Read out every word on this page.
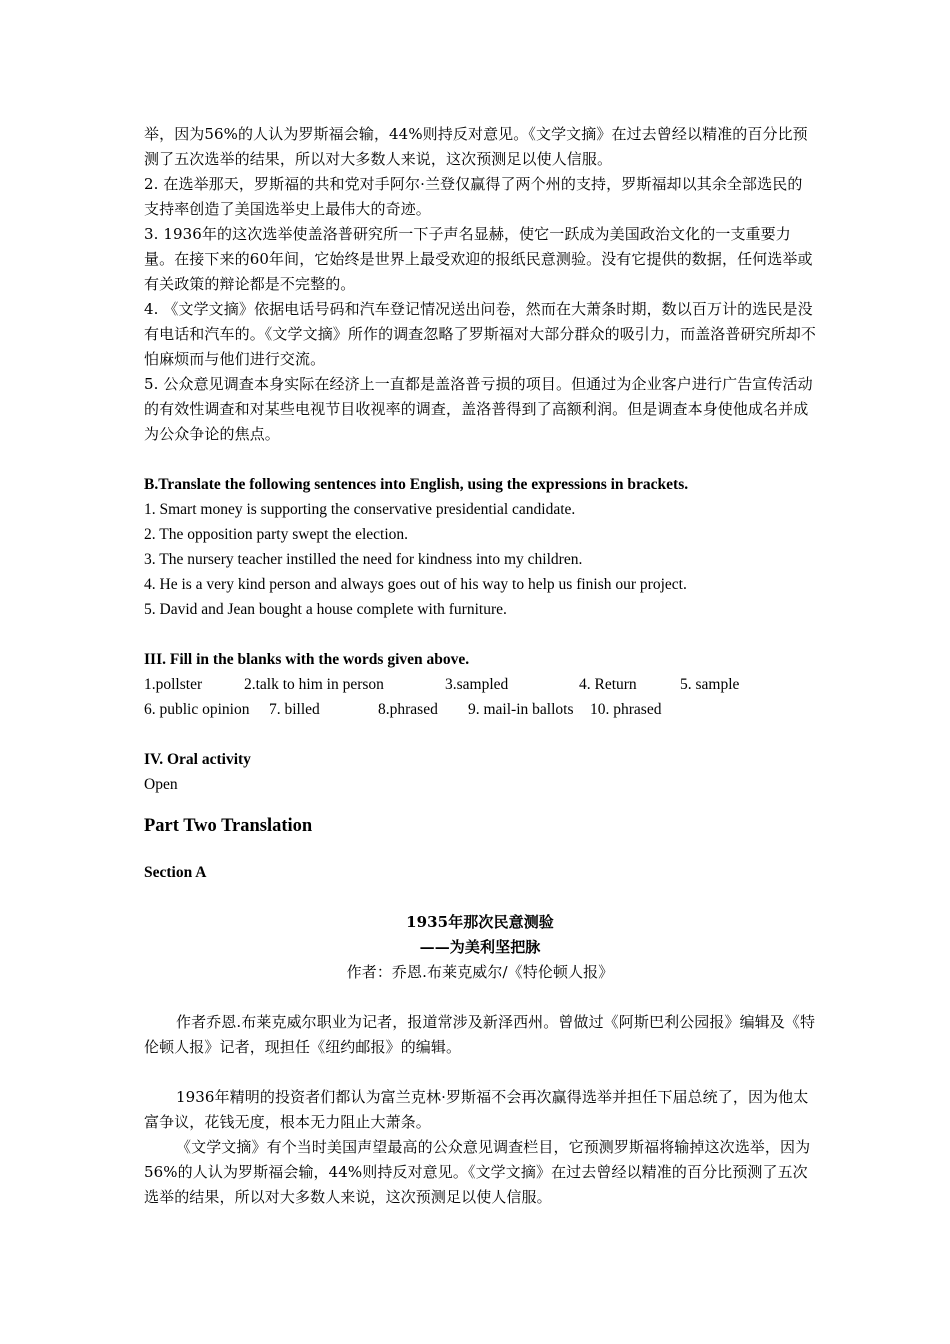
举，因为56%的人认为罗斯福会输，44%则持反对意见。《文学文摘》在过去曾经以精准的百分比预测了五次选举的结果，所以对大多数人来说，这次预测足以使人信服。

2. 在选举那天，罗斯福的共和党对手阿尔·兰登仅赢得了两个州的支持，罗斯福却以其余全部选民的支持率创造了美国选举史上最伟大的奇迹。

3. 1936年的这次选举使盖洛普研究所一下子声名显赫，使它一跃成为美国政治文化的一支重要力量。在接下来的60年间，它始终是世界上最受欢迎的报纸民意测验。没有它提供的数据，任何选举或有关政策的辩论都是不完整的。

4. 《文学文摘》依据电话号码和汽车登记情况送出问卷，然而在大萧条时期，数以百万计的选民是没有电话和汽车的。《文学文摘》所作的调查忽略了罗斯福对大部分群众的吸引力，而盖洛普研究所却不怕麻烦而与他们进行交流。

5. 公众意见调查本身实际在经济上一直都是盖洛普亏损的项目。但通过为企业客户进行广告宣传活动的有效性调查和对某些电视节目收视率的调查，盖洛普得到了高额利润。但是调查本身使他成名并成为公众争论的焦点。

B.Translate the following sentences into English, using the expressions in brackets.

1. Smart money is supporting the conservative presidential candidate.

2. The opposition party swept the election.

3. The nursery teacher instilled the need for kindness into my children.

4. He is a very kind person and always goes out of his way to help us finish our project.

5. David and Jean bought a house complete with furniture.

III. Fill in the blanks with the words given above.

1.pollster	2.talk to him in person	3.sampled	4. Return	5. sample
6. public opinion	7. billed	8.phrased	9. mail-in ballots	10. phrased

IV. Oral activity

Open

Part Two Translation

Section A

1935年那次民意测验

——为美利坚把脉

作者：乔恩.布莱克威尔/《特伦顿人报》

作者乔恩.布莱克威尔职业为记者，报道常涉及新泽西州。曾做过《阿斯巴利公园报》编辑及《特伦顿人报》记者，现担任《纽约邮报》的编辑。

1936年精明的投资者们都认为富兰克林·罗斯福不会再次赢得选举并担任下届总统了，因为他太富争议，花钱无度，根本无力阻止大萧条。

《文学文摘》有个当时美国声望最高的公众意见调查栏目，它预测罗斯福将输掉这次选举，因为56%的人认为罗斯福会输，44%则持反对意见。《文学文摘》在过去曾经以精准的百分比预测了五次选举的结果，所以对大多数人来说，这次预测足以使人信服。
